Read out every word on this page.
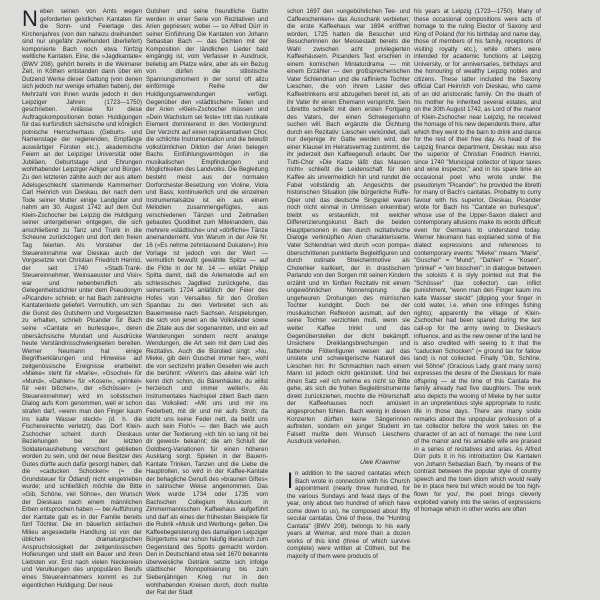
N eben seinen von Amts wegen geforderten geistlichen Kantaten für die Sonn- und Feiertage des Kirchenjahres (von den nahezu dreihundert sind nur ungefähr zweihundert überliefert) komponierte Bach noch etwa fünfzig weltliche Kantaten. Eine, die »Jagdkantate« (BWV 208), gehört bereits in die Weimarer Zeit, in Köthen entstanden dann über ein Dutzend Werke dieser Gattung (von denen sich jedoch nur wenige erhalten haben), der Mehrzahl von ihnen wurde jedoch in den Leipziger Jahren (1723—1750) geschrieben. Anlässe für diese Auftragskompositionen boten Huldigungen für das kurfürstlich sächsische und königlich polnische Herrscherhaus (Geburts- und Namenstage der regierenden, Empfänge auswärtiger Fürsten etc.), akademische Feiern an der Leipziger Universität oder Jubiläen, Geburtstage und Ehrungen wohlhabender Leipziger Adliger und Bürger. Zu den letzteren zählte auch der aus altem Adelsgeschlecht stammende Kammerherr Carl Heinrich von Dieskau, der nach dem Tode seiner Mutter einige Landgüter und nahm am 30. August 1742 auf dem Gut Klein-Zschocher bei Leipzig die Huldigung seiner untergebenen entgegen, die sich anschließend zu Tanz und Trunk in die Scheune zurückzogen und dort den freien Tag feierten. Als Vorsteher der Steuereinnahme war Dieskau auch der Vorgesetzte von Christian Friedrich Henrici, der seit 1740 »Stadt-Trank-Steuereinnehmer, Weinsaeuster und Visir« war und nebenberuflich als Gelegenheitsdichter unter dem Pseudonym »Picander« schrieb; er hat Bach zahlreiche Kantatentexte geliefert. Vermutlich, um sich die Gunst des Gutsherrn und Vorgesetzten zu erhalten, schrieb Picander für Bach seine »Cantate en burlesque«, deren obersächsische Mundart und Ausdrücke heute Verständnisschwierigkeiten bereiten. Werner Neumann hat einige Begriffserklärungen und Hinweise auf zeitgenössische Ereignisse erarbeitet: »Mieke« steht für »Marie«, »Gsochel« für »Mund«, »Dahlen« für »Kosen«, »prinkel« für »ein bißchen«, der »Schösser« (= Steuereinnehmer) wird im solistischen Dialog aufs Korn genommen, weil er schon strafen darf, »wenn man den Finger kaum ins kalte Wasser steckt« (d. h. die Fischereirechte verletzt); das Dorf Klein-Zschocher scheint durch Dieskaus Beziehungen bei der letzten Soldatenaushebung verschont geblieben worden zu sein, und der neue Besitzer des Gutes dürfte auch dafür gesorgt haben, daß die »caducken Schocken« (= die Grundsteuer für Ödland) nicht eingetrieben wurde; und schließlich möchte die Bitte »Gib, Schöne, viel Söhne«, den Wunsch der Dieskaus nach einem männlichen Erben entsprochen haben — bei Aufführung der Kantate gab es in der Familie bereits fünf Töchter. Die im bäuerlich einfachen Milieu angesiedelte Handlung ist von der üblichen dramaturgischen Anspruchslosigkeit der zeitgenössischen Hofierungen und stellt ein Bauer und ihren Liebsten vor. Erst nach vielen Neckereien und Verulkungen des unpopulären Berufs eines Steuereinnahmers kommt es zur eigentlichen Huldigung: Der neue

Gutsherr und seine freundliche Gattin werden in einer Serie von Rezitativen und Arien gepriesen; wobei — so Alfred Dürr in seiner Einführung Die Kantaten von Johann Sebastian Bach — das Dichten mit der Komposition der ländlichen Lieder bald eingängig ist, vom Verfasser in Ausdruck, beliebig am Platze wäre, aber als ein Bezug von dürfen die stilistische Spannungsmoment in der sonst oft allzu einförmige Reihe der Huldigungsanwendungen verfügt. Gegenüber den »städtischen« Teilen und der Arien »Klein-Zschocher müssen und »Dein Wachstum sei feste« tritt das rustikale Element dominierend in den Vordergrund: Der Verzicht auf einen repräsentativen Chor, die schlichte Instrumentation und die bewußt volkstümlichen Diktion der Arien belegen Bachs Einfühlungsvermögen in die musikalischen Empfindungen und Möglichkeiten des Landvolks. Die Begleitung besteht meist aus der normalen Dorforchester-Besetzung von Violine, Viola und Bass; kontinuierlich und die einzelnen Instrumentalsätze ist ein aus einem Melodien zusammengefügtes, aus verschiedenen Tänzen und Zeitmaßen gebautes Quodlibet zum Miteinandem, das mehrere »städtische« und »dörfliche« Tänze aneinanderreiht. Von Warum in der Arie Nr. 16 (»Es nehme zehntausend Dukaten«) ihre Vorlage ist jedoch von der Wert — vermutlich bewußt gewählte Spitze — auf die Flöte in der Nr. 14 — erklärt Philipp Spitta damit, daß die Ariemelodie auf ein schlesisches Jagdlied zurückgehe, das seinerseits 1724 anläßlich der Feier des Hofes von Versailles für den Großen Spandau zu den Verbreitet sich als Bauernweise nach Sachsen. Anspielungen, die sich von jenen an die Volkslieder sowie die Zitate aus der sogenannten, und ein auf Wanderungen sondern recht analoge Wendungen, die Art sein mit dem Lied des Rezitativs. Auch die Bürolied singt: »Nu, Mieke, gib dein Guschel immer her«, wohl die von sechzehn prallen Gesellen wie auch die berühmt: »Wenn's das alleine wär! Ich kenn dich schon, du Bärenhäuter, du willst herzeisch und immer weiter!«. Als Instrumentales Nachspiel zitiert Bach dann das Volkslied: »Mit uns und mir ins Federbett, mit dir und mir aufs Stroh; da sticht uns keine Feder nett, da beißt uns auch kein Floh!« — den Bach wie auch unter der Textierung »Ich bin so lang nit bei dir gewest« bekannt; die am Schluß der Goldberg-Variationen für einen höheren Ausklang sorgt. Spielen in der Bauern-Kantate Trinken, Tanzen und die Liebe die Hauptrollen, so wird in der Kaffee-Kantate der behagliche Genuß des »braunen Giftes« in satirischer Weise angenommen. Das Werk wurde 1734 oder 1735 vom Bachschen Collegium Musicum in Zimmermannischen Kaffeehaus aufgeführt und darf als eines der frühesten Beispiele für die Rubrik »Musik und Werbung« gelten. Die Kaffeebegeisterung des damaligen Leipziger Bürgertums war schon häufig literarisch zum Gegenstand des Spotts gemacht worden. Den in Deutschland etwa seit 1670 bekannte überweisliche Getränk setzte sich infolge städtischer Monopolisierung bis zum Siebenjährigen Krieg nur in den wohlhabenden Kreisen durch, doch mußte der Rat der Stadt

schon 1697 den »ungebührlichen Tee- und Caffeeschenken« das Ausschank verbieten; die erste Kaffeehaus war 1694 eröffnet worden, 1725 hatten die Besucher und Besucherinnen der Messestadt bereits die Wahl zwischen acht privilegierten Kaffeehäusern. Picanders Text erschien in einem komischen Miniaturdrama — mit einem Erzähler — den großsprecherischen Vater Schlendrian und die raffinierte Tochter Lieschen, die von ihrem Laster des Kaffeetrinkens erst abzugehen bereit ist, als ihr Vater ihr einen Ehemann verspricht. Sein Librettto schließt mit dem ersten Fortgang des Vaters, der einen Schwiegersohn suchen will. Bach ergänzte die Dichtung durch ein Rezitativ: Lieschen verkündet, daß nur derjenige ihr Gatte werden wird, der einer Klausel im Heiratsvertrag zustimmt, die ihr jederzeit den Kaffeegenuß erlaubt. Der Tutti-Chor »Die Katze läßt das Mausen nicht« schließt die Leidenschaft für den Kaffee als unvermeidlich hin und rundet die Fabel vollständig ab. Angesichts der historischen Situation (die bürgerliche Ruffe-Oper und das deutsche Singspiel waren noch nicht einmal in Umrissen erkennbar) bleibt es erstaunlich, mit welcher Differenzierungskunst Bach die beiden Hauptpersonen in den durch rezitativische Dialoge verknüpften Arien charakterisierte. Vater Schlendrian wird durch »con pompa« überschrittenen punktierte Begleitfiguren und durch ostinate Streicherimotive als Choleriker karikiert, der in drastischem Parlando von den Sorgen mit seinen Kindern erzählt und im fünften Rezitativ mit einem ungewöhnlichen Nonnensprung die ungeheuren Drohungen des mürrischen Tochter kundgibt. Doch bei der musikalischen Reflexion ausmalt, auf den seine Tochter verzichten muß, wenn sie weiter Kaffee trinkt und das Gegenüberstellen der dicht bekämpft. Unsichere Dreiklangsbrechungen und flatternde Flötenfiguren weisen auf das unstete und schwelgerische Naturell des Lieschen hin: Ihr Schmachten nach einem Mann ist jedoch nicht gekünstelt. Und bei ihnen Satz »ei! ich nehme es nicht so Bitte gehe, als sich die frohen Begleitinstrumente direkt zurückziehen, mochte die Hörerschaft der Kaffeehauses noch amüsiert angesprochen fühlen. Bach wenig in diesen Konzerten dürften keine Sängerinnen auftreten, sondern ein junger Student im Falsett mußte dem Wunsch Lieschens Ausdruck verleihen.

Uwe Kraemer
I n addition to the sacred cantatas which Bach wrote in connection with his Church appointment (nearly three hundred, for the various Sundays and feast days of the year, only about two hundred of which have come down to us), he composed about fifty secular cantatas. One of these, the "Hunting Cantata" (BWV 208), belongs to his early years at Weimar, and more than a dozen works of this kind (three of which survive complete) were written at Cöthen, but the majority of them were products of

his years at Leipzig (1723—1750). Many of these occasional compositions were acts of homage to the ruling Elector of Saxony and King of Poland (for his birthday and name day, those of members of his family, receptions of visiting royalty etc.), while others were intended for academic functions at Leipzig University, or for anniversaries, birthdays and the honouring of wealthy Leipzig nobles and citizens. These latter included the Saxony official Carl Heinrich von Dieskau, who came of an old aristocratic family. On the death of his mother he inherited several estates, and on the 30th August 1742, as Lord of the manor of Klein-Zschocher near Leipzig, he received the homage of his new dependents there, after which they went to the barn to drink and dance for the rest of their free day. As head of the Leipzig finance department, Dieskau was also the superior of Christian Friedrich Henrici, since 1740 "Municipal collector of liquor taxes and wine inspector," and in his spare time an occasional poet who wrote under the pseudonym "Picander"; he provided the libretti for many of Bach's cantatas. Probably to curry favour with his superior, Dieskau, Picander wrote for Bach his "Cantate en burlesque", whose use of the Upper-Saxon dialect and contemporary allusions make its words difficult even for Germans to understand today. Werner Neumann has explained some of the dialect expressions and references to contemporary events: "Mieke" means "Marie", "Guschel" = "Mund", "Dahlen" = "Kosen", "prinkel" = "ein bisschen"; in dialogue between the soloists it is slyly pointed out that the "Schösser" (tax collector) can inflict punishment, "wenn man den Finger kaum ins kalte Wasser steckt" (dipping your finger in cold water, i.e. when one infringes fishing rights); apparently the village of Klein-Zschocher had been spared during the last call-up for the army owing to Dieskau's influence, and as the new owner of the land he is also credited with seeing to it that the "caducken Schocken" (= ground tax for fallow land) is not collected. Finally "Gib, Schöne, viel Söhne" (Gracious Lady, grant many sons) expresses the desire of the Dieskaus for male offspring — at the time of this Cantata the family already had five daughters. The work also depicts the wooing of Mieke by her suitor in an unpretentious style appropriate to rustic life in those days. There are many snide remarks about the unpopular profession of a tax collector before the work takes on the character of an act of homage: the new Lord of the manor and his amiable wife are praised in a series of recitatives and arias. As Alfred Dürr puts it in his introduction Die Kantaten von Johann Sebastian Bach, "by means of the contrast between the popular style of country speech and the town idiom which would really be in place here but which would be 'too high-flown for you', the poet brings cleverly exploited variety into the series of expressions of homage which in other works are often
